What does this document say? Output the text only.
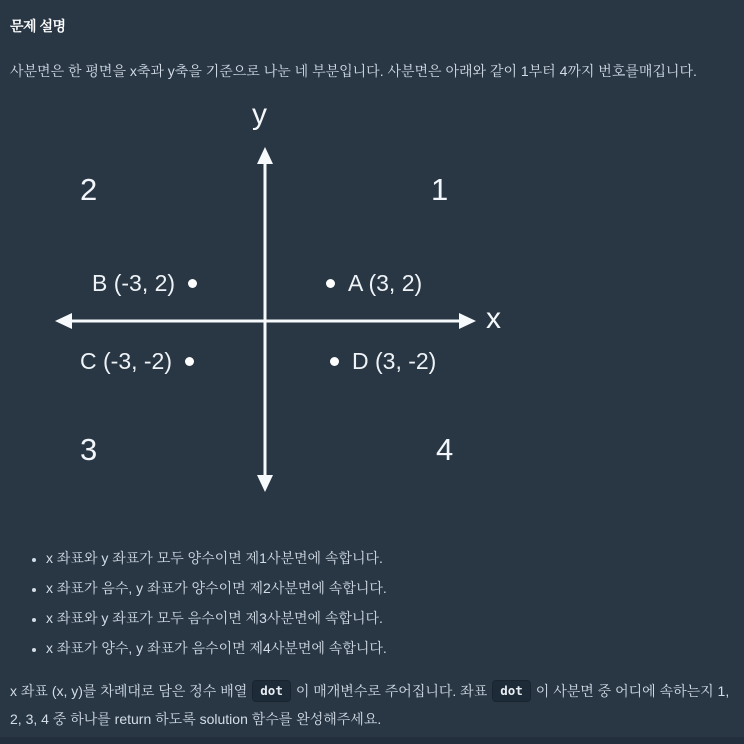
문제 설명

사분면은 한 평면을 x축과 y축을 기준으로 나눈 네 부분입니다. 사분면은 아래와 같이 1부터 4까지 번호를매깁니다.

y
x
1
2
3	4
B (-3, 2)	A (3, 2)
C (-3, -2)	D (3, -2)
• x 좌표와 y 좌표가 모두 양수이면 제1사분면에 속합니다.
• x 좌표가 음수, y 좌표가 양수이면 제2사분면에 속합니다.
• x 좌표와 y 좌표가 모두 음수이면 제3사분면에 속합니다.
• x 좌표가 양수, y 좌표가 음수이면 제4사분면에 속합니다.

x 좌표 (x, y)를 차례대로 담은 정수 배열 dot 이 매개변수로 주어집니다. 좌표 dot 이 사분면 중 어디에 속하는지 1, 2, 3, 4 중 하나를 return 하도록 solution 함수를 완성해주세요.
